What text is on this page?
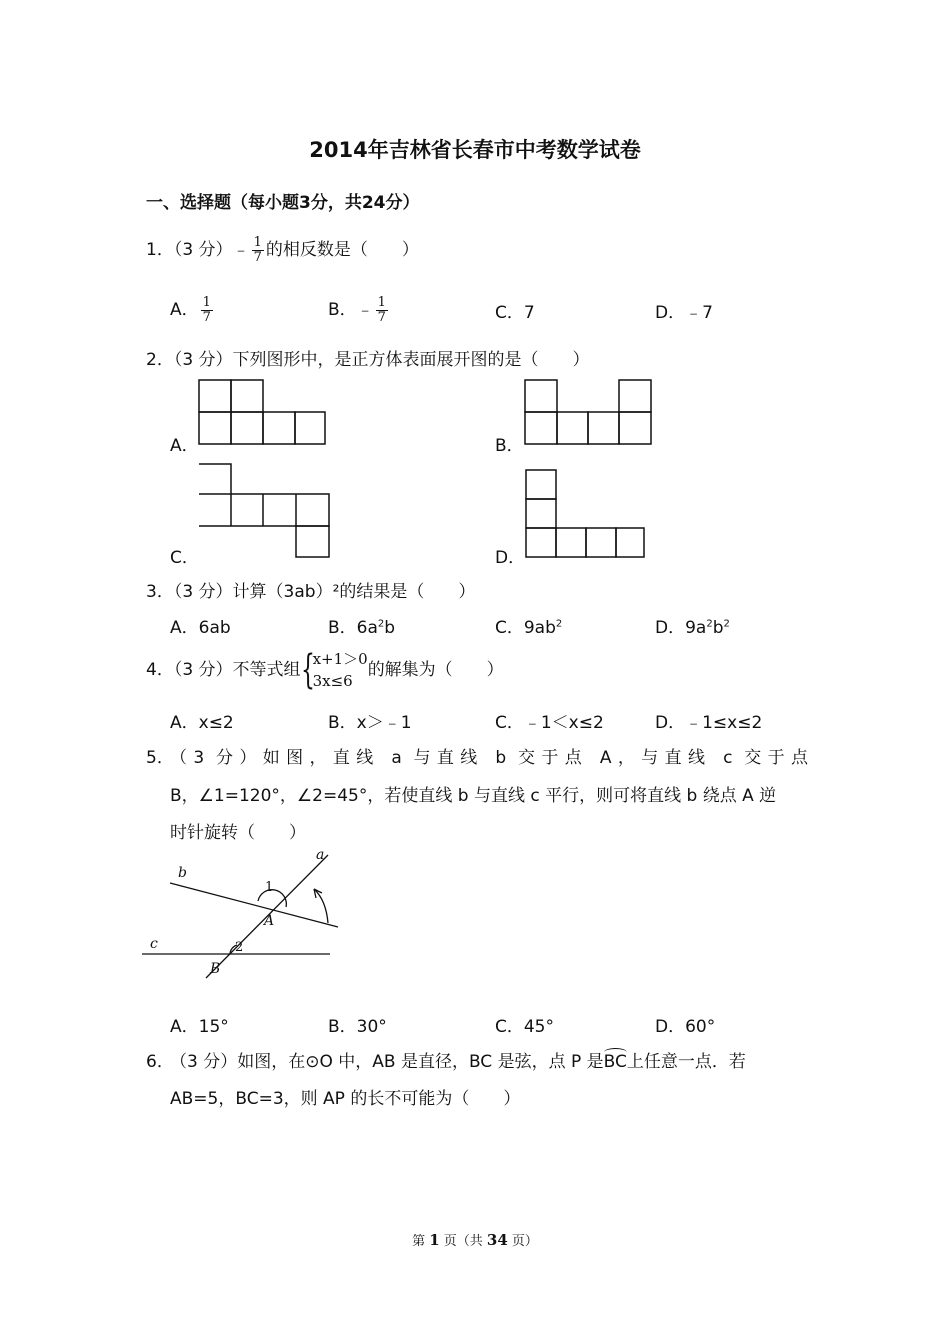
2014年吉林省长春市中考数学试卷
一、选择题（每小题3分，共24分）
1．（3 分）﹣ $\frac{1}{7}$ 的相反数是（　　）
A． $\frac{1}{7}$	B．﹣ $\frac{1}{7}$	C．7	D．﹣7
2．（3 分）下列图形中，是正方体表面展开图的是（　　）
A．	B．
C．	D．
3．（3 分）计算（3ab）²的结果是（　　）
A．6ab	B．$6a^2b$	C．$9ab^2$	D．$9a^2b^2$
4．（3 分）不等式组 {
x+1＞0
3x≤6
的解集为（　　）
A．x≤2	B．x＞﹣1	C．﹣1＜x≤2	D．﹣1≤x≤2
5．
（3 分）如图，直线 a 与直线 b 交于点 A，与直线 c 交于点
B，∠1=120°，∠2=45°，若使直线 b 与直线 c 平行，则可将直线 b 绕点 A 逆
时针旋转（　　）
a
b
c
A
B
1
2
A．15°	B．30°	C．45°	D．60°
6．
（3 分）如图，在⊙O 中，AB 是直径，BC 是弦，点 P 是BC上任意一点．若
AB=5，BC=3，则 AP 的长不可能为（　　）
第 1 页（共 34 页）
